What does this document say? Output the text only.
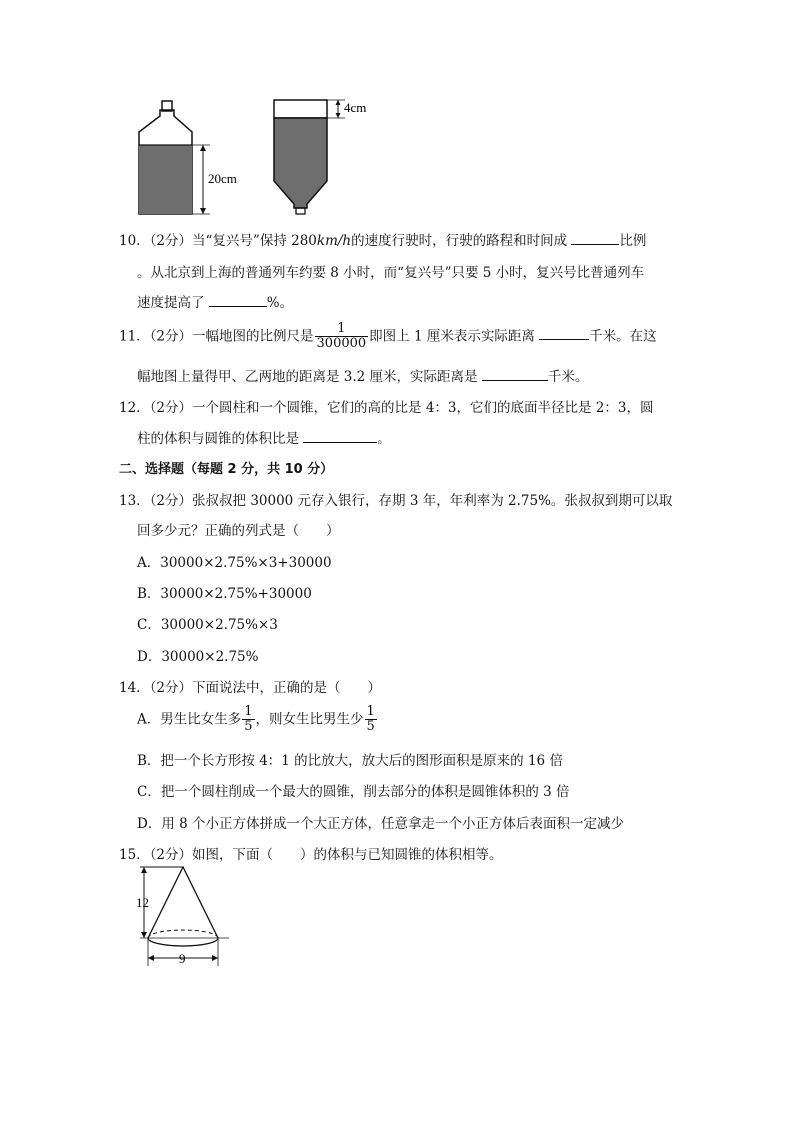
20cm
4cm
10．（2分）当“复兴号”保持 280km/h的速度行驶时，行驶的路程和时间成	比例
。从北京到上海的普通列车约要 8 小时，而“复兴号”只要 5 小时，复兴号比普通列车
速度提高了	%。
11．（2分）一幅地图的比例尺是 $\frac{1}{300000}$ 即图上 1 厘米表示实际距离	千米。在这
幅地图上量得甲、乙两地的距离是 3.2 厘米，实际距离是	千米。
12．（2分）一个圆柱和一个圆锥，它们的高的比是 4：3，它们的底面半径比是 2：3，圆
柱的体积与圆锥的体积比是	。
二、选择题（每题 2 分，共 10 分）
13．（2分）张叔叔把 30000 元存入银行，存期 3 年，年利率为 2.75%。张叔叔到期可以取
回多少元？正确的列式是（　　）
A．30000×2.75%×3+30000
B．30000×2.75%+30000
C．30000×2.75%×3
D．30000×2.75%
14．（2分）下面说法中，正确的是（　　）
A．男生比女生多 $\frac{1}{5}$ ，则女生比男生少 $\frac{1}{5}$
B．把一个长方形按 4：1 的比放大，放大后的图形面积是原来的 16 倍
C．把一个圆柱削成一个最大的圆锥，削去部分的体积是圆锥体积的 3 倍
D．用 8 个小正方体拼成一个大正方体，任意拿走一个小正方体后表面积一定减少
15．（2分）如图，下面（　　）的体积与已知圆锥的体积相等。
12
9
